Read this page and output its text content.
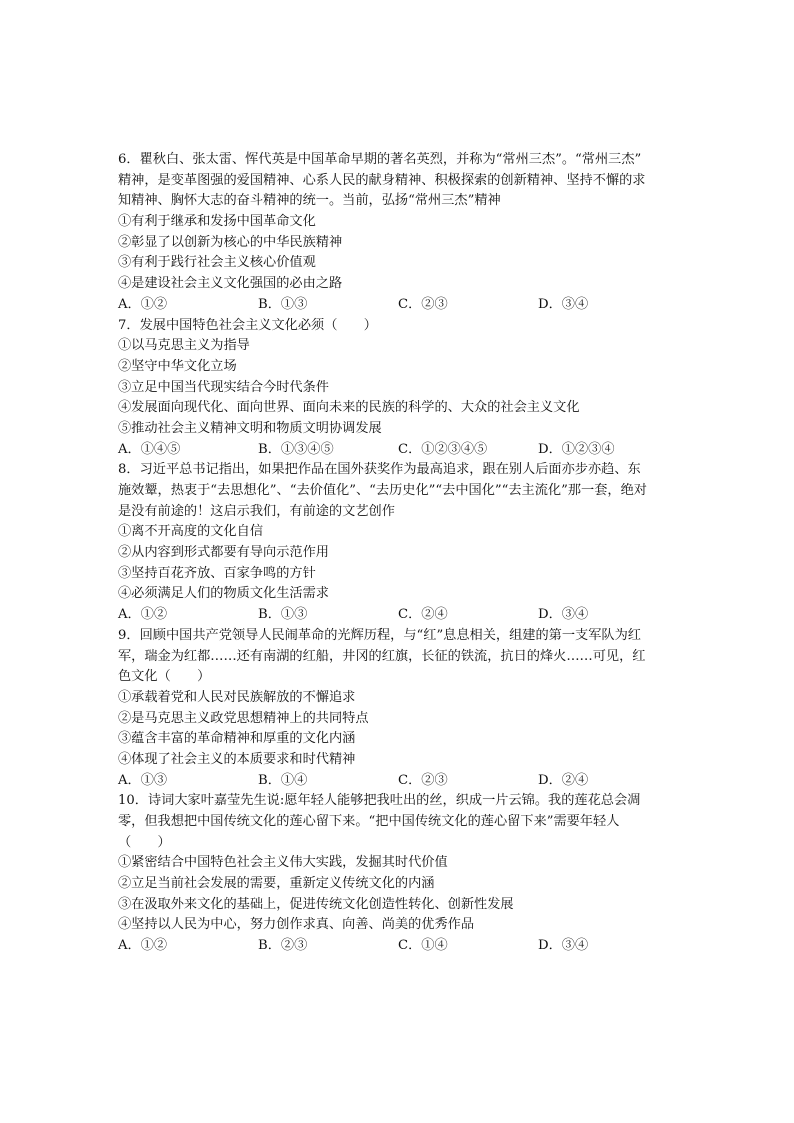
6．瞿秋白、张太雷、恽代英是中国革命早期的著名英烈，并称为“常州三杰”。“常州三杰”
精神，是变革图强的爱国精神、心系人民的献身精神、积极探索的创新精神、坚持不懈的求
知精神、胸怀大志的奋斗精神的统一。当前，弘扬“常州三杰”精神
①有利于继承和发扬中国革命文化
②彰显了以创新为核心的中华民族精神
③有利于践行社会主义核心价值观
④是建设社会主义文化强国的必由之路
A．①②	B．①③	C．②③	D．③④
7．发展中国特色社会主义文化必须（　　）
①以马克思主义为指导
②坚守中华文化立场
③立足中国当代现实结合今时代条件
④发展面向现代化、面向世界、面向未来的民族的科学的、大众的社会主义文化
⑤推动社会主义精神文明和物质文明协调发展
A．①④⑤	B．①③④⑤	C．①②③④⑤	D．①②③④
8．习近平总书记指出，如果把作品在国外获奖作为最高追求，跟在别人后面亦步亦趋、东
施效颦，热衷于“去思想化”、“去价值化”、“去历史化”“去中国化”“去主流化”那一套，绝对
是没有前途的！这启示我们，有前途的文艺创作
①离不开高度的文化自信
②从内容到形式都要有导向示范作用
③坚持百花齐放、百家争鸣的方针
④必须满足人们的物质文化生活需求
A．①②	B．①③	C．②④	D．③④
9．回顾中国共产党领导人民闹革命的光辉历程，与“红”息息相关，组建的第一支军队为红
军，瑞金为红都……还有南湖的红船，井冈的红旗，长征的铁流，抗日的烽火……可见，红
色文化（　　）
①承载着党和人民对民族解放的不懈追求
②是马克思主义政党思想精神上的共同特点
③蕴含丰富的革命精神和厚重的文化内涵
④体现了社会主义的本质要求和时代精神
A．①③	B．①④	C．②③	D．②④
10．诗词大家叶嘉莹先生说:愿年轻人能够把我吐出的丝，织成一片云锦。我的莲花总会凋
零，但我想把中国传统文化的莲心留下来。“把中国传统文化的莲心留下来”需要年轻人
（　　）
①紧密结合中国特色社会主义伟大实践，发掘其时代价值
②立足当前社会发展的需要，重新定义传统文化的内涵
③在汲取外来文化的基础上，促进传统文化创造性转化、创新性发展
④坚持以人民为中心，努力创作求真、向善、尚美的优秀作品
A．①②	B．②③	C．①④	D．③④
